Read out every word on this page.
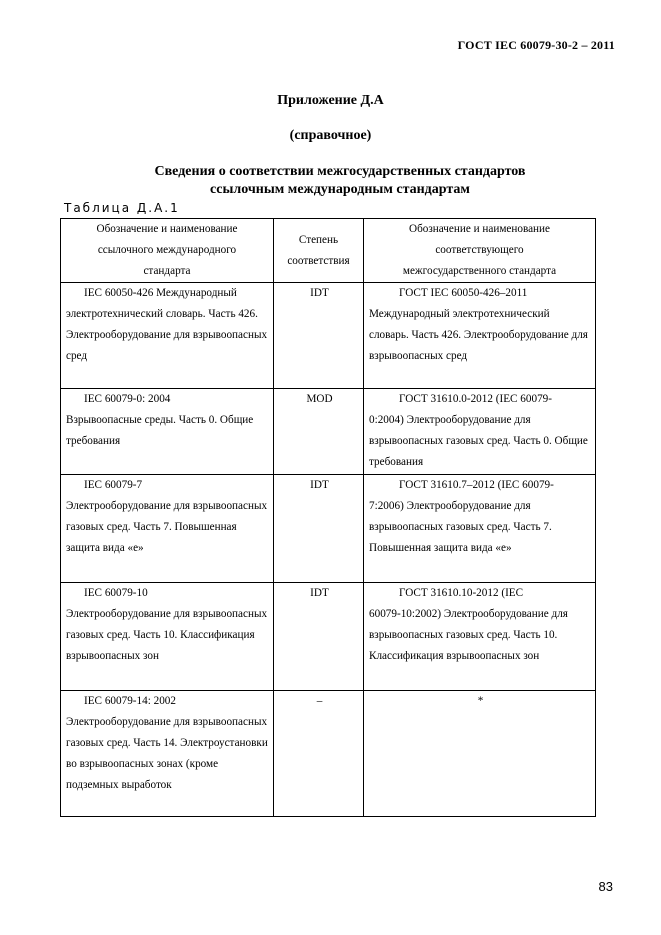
ГОСТ IEC 60079-30-2 – 2011
Приложение Д.А
(справочное)
Сведения о соответствии межгосударственных стандартов
ссылочным международным стандартам
Таблица Д.А.1
Обозначение и наименование
ссылочного международного
стандарта	Степень
соответствия	Обозначение и наименование
соответствующего
межгосударственного стандарта

IEC 60050-426 Международный
электротехнический словарь. Часть 426. Электрооборудование для взрывоопасных сред	IDT	ГОСТ IEC 60050-426–2011
Международный электротехнический словарь. Часть 426. Электрооборудование для взрывоопасных сред

IEC 60079-0: 2004
Взрывоопасные среды. Часть 0. Общие требования	MOD	ГОСТ 31610.0-2012 (IEC 60079-
0:2004) Электрооборудование для взрывоопасных газовых сред. Часть 0. Общие требования

IEC 60079-7
Электрооборудование для взрывоопасных газовых сред. Часть 7. Повышенная защита вида «е»	IDT	ГОСТ 31610.7–2012 (IEC 60079-
7:2006) Электрооборудование для взрывоопасных газовых сред. Часть 7. Повышенная защита вида «е»

IEC 60079-10
Электрооборудование для взрывоопасных газовых сред. Часть 10. Классификация взрывоопасных зон	IDT	ГОСТ 31610.10-2012 (IEC
60079-10:2002) Электрооборудование для взрывоопасных газовых сред. Часть 10. Классификация взрывоопасных зон

IEC 60079-14: 2002
Электрооборудование для взрывоопасных газовых сред. Часть 14. Электроустановки во взрывоопасных зонах (кроме подземных выработок	–	*
83
